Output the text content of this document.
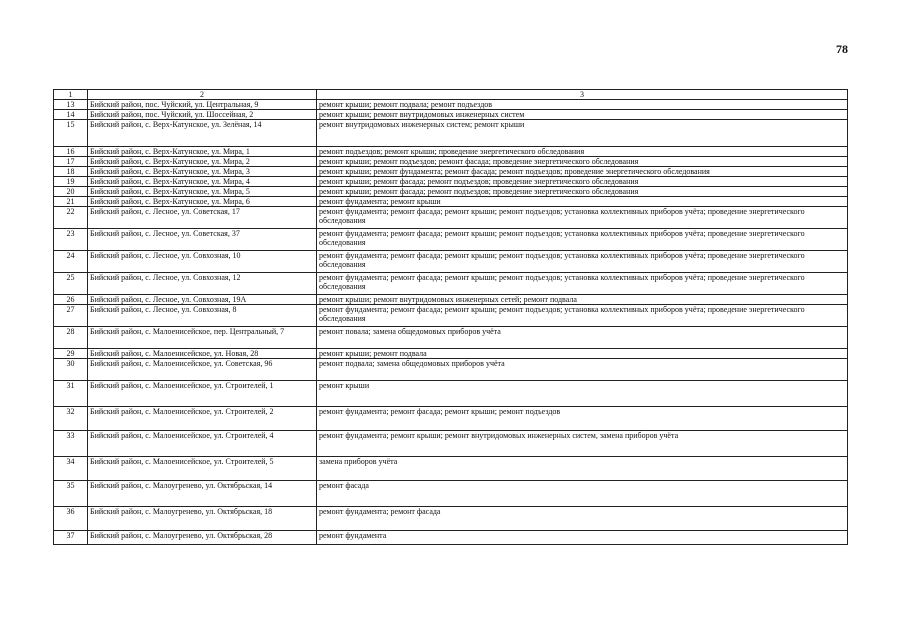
78
1	2	3
13	Бийский район, пос. Чуйский, ул. Центральная, 9	ремонт крыши; ремонт подвала; ремонт подъездов
14	Бийский район, пос. Чуйский, ул. Шоссейная, 2	ремонт крыши; ремонт внутридомовых инженерных систем
15	Бийский район, с. Верх-Катунское, ул. Зелёная, 14	ремонт внутридомовых инженерных систем; ремонт крыши
16	Бийский район, с. Верх-Катунское, ул. Мира, 1	ремонт подъездов; ремонт крыши; проведение энергетического обследования
17	Бийский район, с. Верх-Катунское, ул. Мира, 2	ремонт крыши; ремонт подъездов; ремонт фасада; проведение энергетического обследования
18	Бийский район, с. Верх-Катунское, ул. Мира, 3	ремонт крыши; ремонт фундамента; ремонт фасада; ремонт подъездов; проведение энергетического обследования
19	Бийский район, с. Верх-Катунское, ул. Мира, 4	ремонт крыши; ремонт фасада; ремонт подъездов; проведение энергетического обследования
20	Бийский район, с. Верх-Катунское, ул. Мира, 5	ремонт крыши; ремонт фасада; ремонт подъездов; проведение энергетического обследования
21	Бийский район, с. Верх-Катунское, ул. Мира, 6	ремонт фундамента; ремонт крыши
22	Бийский район, с. Лесное, ул. Советская, 17	ремонт фундамента; ремонт фасада; ремонт крыши; ремонт подъездов; установка коллективных приборов учёта; проведение энергетического обследования
23	Бийский район, с. Лесное, ул. Советская, 37	ремонт фундамента; ремонт фасада; ремонт крыши; ремонт подъездов; установка коллективных приборов учёта; проведение энергетического обследования
24	Бийский район, с. Лесное, ул. Совхозная, 10	ремонт фундамента; ремонт фасада; ремонт крыши; ремонт подъездов; установка коллективных приборов учёта; проведение энергетического обследования
25	Бийский район, с. Лесное, ул. Совхозная, 12	ремонт фундамента; ремонт фасада; ремонт крыши; ремонт подъездов; установка коллективных приборов учёта; проведение энергетического обследования
26	Бийский район, с. Лесное, ул. Совхозная, 19А	ремонт крыши; ремонт внутридомовых инженерных сетей; ремонт подвала
27	Бийский район, с. Лесное, ул. Совхозная, 8	ремонт фундамента; ремонт фасада; ремонт крыши; ремонт подъездов; установка коллективных приборов учёта; проведение энергетического обследования
28	Бийский район, с. Малоенисейское, пер. Центральный, 7	ремонт повала; замена общедомовых приборов учёта
29	Бийский район, с. Малоенисейское, ул. Новая, 28	ремонт крыши; ремонт подвала
30	Бийский район, с. Малоенисейское, ул. Советская, 96	ремонт подвала; замена общедомовых приборов учёта
31	Бийский район, с. Малоенисейское, ул. Строителей, 1	ремонт крыши
32	Бийский район, с. Малоенисейское, ул. Строителей, 2	ремонт фундамента; ремонт фасада; ремонт крыши; ремонт подъездов
33	Бийский район, с. Малоенисейское, ул. Строителей, 4	ремонт фундамента; ремонт крыши; ремонт внутридомовых инженерных систем, замена приборов учёта
34	Бийский район, с. Малоенисейское, ул. Строителей, 5	замена приборов учёта
35	Бийский район, с. Малоугренево, ул. Октябрьская, 14	ремонт фасада
36	Бийский район, с. Малоугренево, ул. Октябрьская, 18	ремонт фундамента; ремонт фасада
37	Бийский район, с. Малоугренево, ул. Октябрьская, 28	ремонт фундамента
